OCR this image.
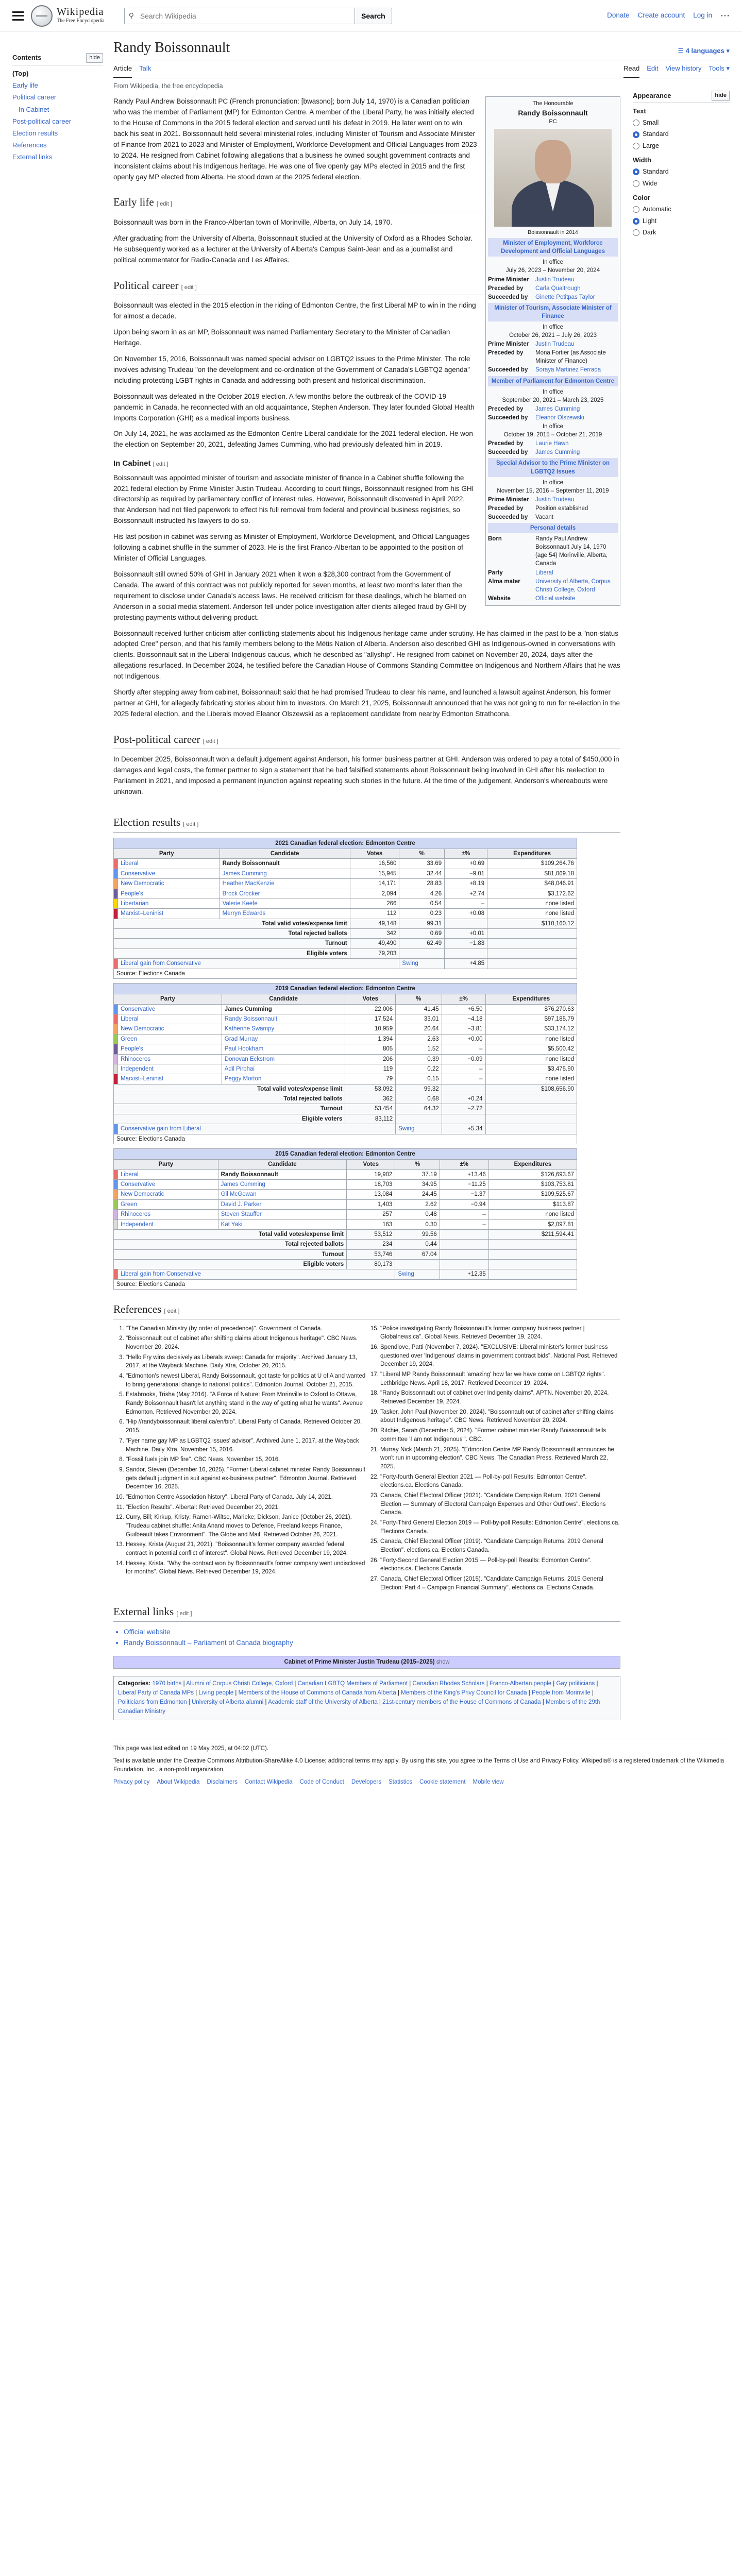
Wikipedia
The Free Encyclopedia
⚲
Search Wikipedia	Search	Donate Create account Log in ⋯
Contents	hide
(Top)
Early life
Political career
In Cabinet
Post-political career
Election results
References
External links
Randy Boissonnault	☰ 4 languages ▾
Article Talk	Read Edit View history Tools ▾
From Wikipedia, the free encyclopedia
The Honourable
Randy Boissonnault
PC
Boissonnault in 2014
Minister of Employment, Workforce Development and Official Languages
In office
July 26, 2023 – November 20, 2024
Prime Minister	Justin Trudeau
Preceded by	Carla Qualtrough
Succeeded by	Ginette Petitpas Taylor
Minister of Tourism, Associate Minister of Finance
In office
October 26, 2021 – July 26, 2023
Prime Minister	Justin Trudeau
Preceded by	Mona Fortier (as Associate Minister of Finance)
Succeeded by	Soraya Martinez Ferrada
Member of Parliament for Edmonton Centre
In office
September 20, 2021 – March 23, 2025
Preceded by	James Cumming
Succeeded by	Eleanor Olszewski
In office
October 19, 2015 – October 21, 2019
Preceded by	Laurie Hawn
Succeeded by	James Cumming
Special Advisor to the Prime Minister on LGBTQ2 Issues
In office
November 15, 2016 – September 11, 2019
Prime Minister	Justin Trudeau
Preceded by	Position established
Succeeded by	Vacant
Personal details
Born	Randy Paul Andrew Boissonnault July 14, 1970 (age 54) Morinville, Alberta, Canada
Party	Liberal
Alma mater	University of Alberta, Corpus Christi College, Oxford
Website	Official website

Randy Paul Andrew Boissonnault PC (French pronunciation: [bwasɔno]; born July 14, 1970) is a Canadian politician who was the member of Parliament (MP) for Edmonton Centre. A member of the Liberal Party, he was initially elected to the House of Commons in the 2015 federal election and served until his defeat in 2019. He later went on to win back his seat in 2021. Boissonnault held several ministerial roles, including Minister of Tourism and Associate Minister of Finance from 2021 to 2023 and Minister of Employment, Workforce Development and Official Languages from 2023 to 2024. He resigned from Cabinet following allegations that a business he owned sought government contracts and inconsistent claims about his Indigenous heritage. He was one of five openly gay MPs elected in 2015 and the first openly gay MP elected from Alberta. He stood down at the 2025 federal election.

Early life [ edit ]

Boissonnault was born in the Franco-Albertan town of Morinville, Alberta, on July 14, 1970.

After graduating from the University of Alberta, Boissonnault studied at the University of Oxford as a Rhodes Scholar. He subsequently worked as a lecturer at the University of Alberta's Campus Saint-Jean and as a journalist and political commentator for Radio-Canada and Les Affaires.

Political career [ edit ]

Boissonnault was elected in the 2015 election in the riding of Edmonton Centre, the first Liberal MP to win in the riding for almost a decade.

Upon being sworn in as an MP, Boissonnault was named Parliamentary Secretary to the Minister of Canadian Heritage.

On November 15, 2016, Boissonnault was named special advisor on LGBTQ2 issues to the Prime Minister. The role involves advising Trudeau "on the development and co-ordination of the Government of Canada's LGBTQ2 agenda" including protecting LGBT rights in Canada and addressing both present and historical discrimination.

Boissonnault was defeated in the October 2019 election. A few months before the outbreak of the COVID-19 pandemic in Canada, he reconnected with an old acquaintance, Stephen Anderson. They later founded Global Health Imports Corporation (GHI) as a medical imports business.

On July 14, 2021, he was acclaimed as the Edmonton Centre Liberal candidate for the 2021 federal election. He won the election on September 20, 2021, defeating James Cumming, who had previously defeated him in 2019.

In Cabinet [ edit ]

Boissonnault was appointed minister of tourism and associate minister of finance in a Cabinet shuffle following the 2021 federal election by Prime Minister Justin Trudeau. According to court filings, Boissonnault resigned from his GHI directorship as required by parliamentary conflict of interest rules. However, Boissonnault discovered in April 2022, that Anderson had not filed paperwork to effect his full removal from federal and provincial business registries, so Boissonnault instructed his lawyers to do so.

His last position in cabinet was serving as Minister of Employment, Workforce Development, and Official Languages following a cabinet shuffle in the summer of 2023. He is the first Franco-Albertan to be appointed to the position of Minister of Official Languages.

Boissonnault still owned 50% of GHI in January 2021 when it won a $28,300 contract from the Government of Canada. The award of this contract was not publicly reported for seven months, at least two months later than the requirement to disclose under Canada's access laws. He received criticism for these dealings, which he blamed on Anderson in a social media statement. Anderson fell under police investigation after clients alleged fraud by GHI by protesting payments without delivering product.

Boissonnault received further criticism after conflicting statements about his Indigenous heritage came under scrutiny. He has claimed in the past to be a "non-status adopted Cree" person, and that his family members belong to the Métis Nation of Alberta. Anderson also described GHI as Indigenous-owned in conversations with clients. Boissonnault sat in the Liberal Indigenous caucus, which he described as "allyship". He resigned from cabinet on November 20, 2024, days after the allegations resurfaced. In December 2024, he testified before the Canadian House of Commons Standing Committee on Indigenous and Northern Affairs that he was not Indigenous.

Shortly after stepping away from cabinet, Boissonnault said that he had promised Trudeau to clear his name, and launched a lawsuit against Anderson, his former partner at GHI, for allegedly fabricating stories about him to investors. On March 21, 2025, Boissonnault announced that he was not going to run for re-election in the 2025 federal election, and the Liberals moved Eleanor Olszewski as a replacement candidate from nearby Edmonton Strathcona.

Post-political career [ edit ]

In December 2025, Boissonnault won a default judgement against Anderson, his former business partner at GHI. Anderson was ordered to pay a total of $450,000 in damages and legal costs, the former partner to sign a statement that he had falsified statements about Boissonnault being involved in GHI after his reelection to Parliament in 2021, and imposed a permanent injunction against repeating such stories in the future. At the time of the judgement, Anderson's whereabouts were unknown.

Election results [ edit ]
2021 Canadian federal election: Edmonton Centre
Party		Candidate	Votes	%	±%	Expenditures
	Liberal	Randy Boissonnault	16,560	33.69	+0.69	$109,264.76
	Conservative	James Cumming	15,945	32.44	−9.01	$81,069.18
	New Democratic	Heather MacKenzie	14,171	28.83	+8.19	$48,046.91
	People's	Brock Crocker	2,094	4.26	+2.74	$3,172.62
	Libertarian	Valerie Keefe	266	0.54	–	none listed
	Marxist–Leninist	Merryn Edwards	112	0.23	+0.08	none listed
Total valid votes/expense limit			49,148	99.31		$110,160.12
Total rejected ballots			342	0.69	+0.01	
Turnout			49,490	62.49	−1.83	
Eligible voters			79,203			
	Liberal gain from Conservative			Swing	+4.85	
Source: Elections Canada						
2019 Canadian federal election: Edmonton Centre
Party		Candidate	Votes	%	±%	Expenditures
	Conservative	James Cumming	22,006	41.45	+6.50	$76,270.63
	Liberal	Randy Boissonnault	17,524	33.01	−4.18	$97,185.79
	New Democratic	Katherine Swampy	10,959	20.64	−3.81	$33,174.12
	Green	Grad Murray	1,394	2.63	+0.00	none listed
	People's	Paul Hookham	805	1.52	–	$5,500.42
	Rhinoceros	Donovan Eckstrom	206	0.39	−0.09	none listed
	Independent	Adil Pirbhai	119	0.22	–	$3,475.90
	Marxist–Leninist	Peggy Morton	79	0.15	–	none listed
Total valid votes/expense limit			53,092	99.32		$108,656.90
Total rejected ballots			362	0.68	+0.24	
Turnout			53,454	64.32	−2.72	
Eligible voters			83,112			
	Conservative gain from Liberal			Swing	+5.34	
Source: Elections Canada						
2015 Canadian federal election: Edmonton Centre
Party		Candidate	Votes	%	±%	Expenditures
	Liberal	Randy Boissonnault	19,902	37.19	+13.46	$126,693.67
	Conservative	James Cumming	18,703	34.95	−11.25	$103,753.81
	New Democratic	Gil McGowan	13,084	24.45	−1.37	$109,525.67
	Green	David J. Parker	1,403	2.62	−0.94	$113.87
	Rhinoceros	Steven Stauffer	257	0.48	–	none listed
	Independent	Kat Yaki	163	0.30	–	$2,097.81
Total valid votes/expense limit			53,512	99.56		$211,594.41
Total rejected ballots			234	0.44		
Turnout			53,746	67.04		
Eligible voters			80,173			
	Liberal gain from Conservative			Swing	+12.35	
Source: Elections Canada						
References [ edit ]
1. "The Canadian Ministry (by order of precedence)". Government of Canada.
2. "Boissonnault out of cabinet after shifting claims about Indigenous heritage". CBC News. November 20, 2024.
3. "Hello Fry wins decisively as Liberals sweep: Canada for majority". Archived January 13, 2017, at the Wayback Machine. Daily Xtra, October 20, 2015.
4. "Edmonton's newest Liberal, Randy Boissonnault, got taste for politics at U of A and wanted to bring generational change to national politics". Edmonton Journal. October 21, 2015.
5. Estabrooks, Trisha (May 2016). "A Force of Nature: From Morinville to Oxford to Ottawa, Randy Boissonnault hasn't let anything stand in the way of getting what he wants". Avenue Edmonton. Retrieved November 20, 2024.
6. "Hip //randyboissonnault liberal.ca/en/bio". Liberal Party of Canada. Retrieved October 20, 2015.
7. "Fyer name gay MP as LGBTQ2 issues' advisor". Archived June 1, 2017, at the Wayback Machine. Daily Xtra, November 15, 2016.
8. "Fossil fuels join MP fire". CBC News. November 15, 2016.
9. Sandor, Steven (December 16, 2025). "Former Liberal cabinet minister Randy Boissonnault gets default judgment in suit against ex-business partner". Edmonton Journal. Retrieved December 16, 2025.
10. "Edmonton Centre Association history". Liberal Party of Canada. July 14, 2021.
11. "Election Results". Alberta!: Retrieved December 20, 2021.
12. Curry, Bill; Kirkup, Kristy; Ramen-Wiltse, Marieke; Dickson, Janice (October 26, 2021). "Trudeau cabinet shuffle: Anita Anand moves to Defence, Freeland keeps Finance, Guilbeault takes Environment". The Globe and Mail. Retrieved October 26, 2021.
13. Hessey, Krista (August 21, 2021). "Boissonnault's former company awarded federal contract in potential conflict of interest". Global News. Retrieved December 19, 2024.
14. Hessey, Krista. "Why the contract won by Boissonnault's former company went undisclosed for months". Global News. Retrieved December 19, 2024.
15. "Police investigating Randy Boissonnault's former company business partner | Globalnews.ca". Global News. Retrieved December 19, 2024.
16. Spendlove, Patti (November 7, 2024). "EXCLUSIVE: Liberal minister's former business questioned over 'Indigenous' claims in government contract bids". National Post. Retrieved December 19, 2024.
17. "Liberal MP Randy Boissonnault 'amazing' how far we have come on LGBTQ2 rights". Lethbridge News. April 18, 2017. Retrieved December 19, 2024.
18. "Randy Boissonnault out of cabinet over Indigenity claims". APTN. November 20, 2024. Retrieved December 19, 2024.
19. Tasker, John Paul (November 20, 2024). "Boissonnault out of cabinet after shifting claims about Indigenous heritage". CBC News. Retrieved November 20, 2024.
20. Ritchie, Sarah (December 5, 2024). "Former cabinet minister Randy Boissonnault tells committee 'I am not Indigenous'". CBC.
21. Murray Nick (March 21, 2025). "Edmonton Centre MP Randy Boissonnault announces he won't run in upcoming election". CBC News. The Canadian Press. Retrieved March 22, 2025.
22. "Forty-fourth General Election 2021 — Poll-by-poll Results: Edmonton Centre". elections.ca. Elections Canada.
23. Canada, Chief Electoral Officer (2021). "Candidate Campaign Return, 2021 General Election — Summary of Electoral Campaign Expenses and Other Outflows". Elections Canada.
24. "Forty-Third General Election 2019 — Poll-by-poll Results: Edmonton Centre". elections.ca. Elections Canada.
25. Canada, Chief Electoral Officer (2019). "Candidate Campaign Returns, 2019 General Election". elections.ca. Elections Canada.
26. "Forty-Second General Election 2015 — Poll-by-poll Results: Edmonton Centre". elections.ca. Elections Canada.
27. Canada, Chief Electoral Officer (2015). "Candidate Campaign Returns, 2015 General Election: Part 4 – Campaign Financial Summary". elections.ca. Elections Canada.
External links [ edit ]
• Official website
• Randy Boissonnault – Parliament of Canada biography
Cabinet of Prime Minister Justin Trudeau (2015–2025) show
Categories: 1970 births | Alumni of Corpus Christi College, Oxford | Canadian LGBTQ Members of Parliament | Canadian Rhodes Scholars | Franco-Albertan people | Gay politicians | Liberal Party of Canada MPs | Living people | Members of the House of Commons of Canada from Alberta | Members of the King's Privy Council for Canada | People from Morinville | Politicians from Edmonton | University of Alberta alumni | Academic staff of the University of Alberta | 21st-century members of the House of Commons of Canada | Members of the 29th Canadian Ministry
Appearance	hide
Text
Small
Standard
Large
Width
Standard
Wide
Color
Automatic
Light
Dark

This page was last edited on 19 May 2025, at 04:02 (UTC).

Text is available under the Creative Commons Attribution-ShareAlike 4.0 License; additional terms may apply. By using this site, you agree to the Terms of Use and Privacy Policy. Wikipedia® is a registered trademark of the Wikimedia Foundation, Inc., a non-profit organization.

Privacy policy About Wikipedia Disclaimers Contact Wikipedia Code of Conduct Developers Statistics Cookie statement Mobile view
